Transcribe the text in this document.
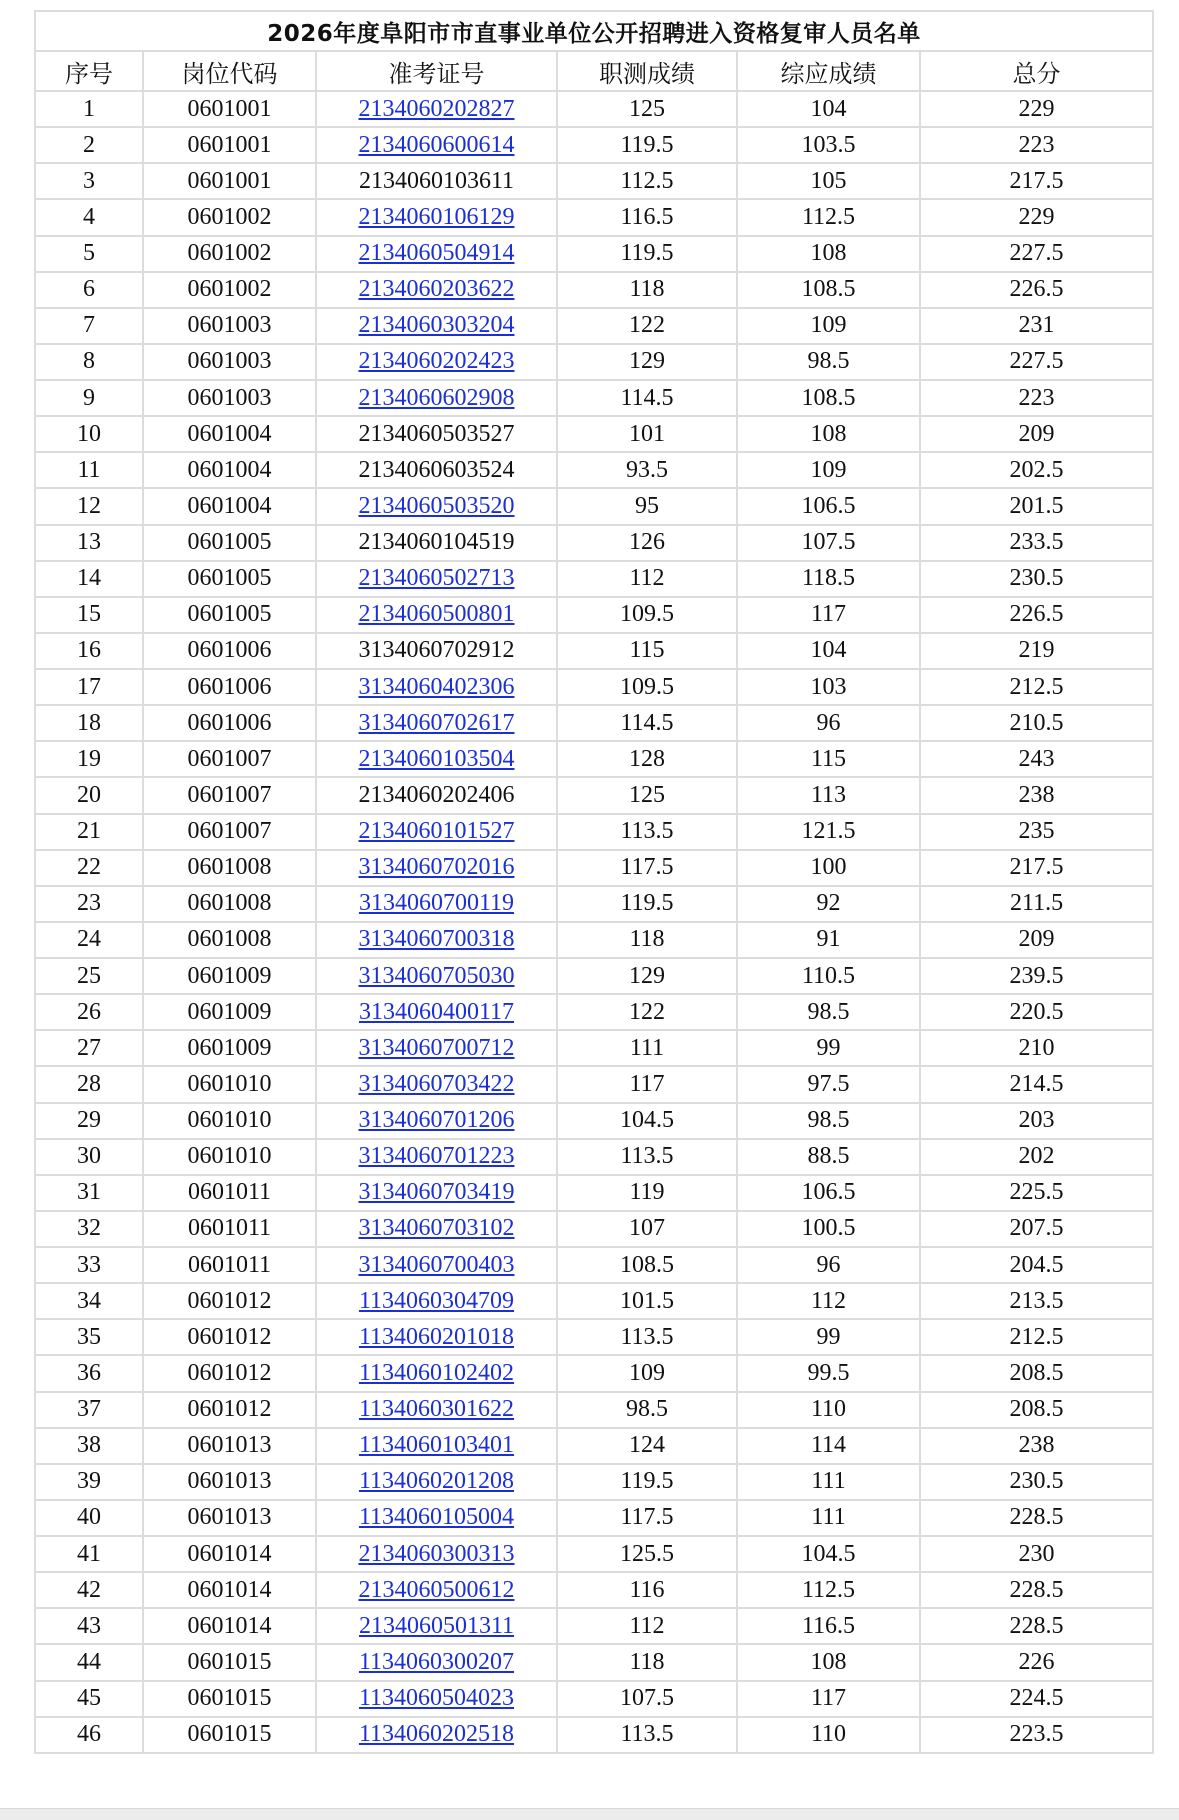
2026年度阜阳市市直事业单位公开招聘进入资格复审人员名单					
序号	岗位代码	准考证号	职测成绩	综应成绩	总分
1	0601001	2134060202827	125	104	229
2	0601001	2134060600614	119.5	103.5	223
3	0601001	2134060103611	112.5	105	217.5
4	0601002	2134060106129	116.5	112.5	229
5	0601002	2134060504914	119.5	108	227.5
6	0601002	2134060203622	118	108.5	226.5
7	0601003	2134060303204	122	109	231
8	0601003	2134060202423	129	98.5	227.5
9	0601003	2134060602908	114.5	108.5	223
10	0601004	2134060503527	101	108	209
11	0601004	2134060603524	93.5	109	202.5
12	0601004	2134060503520	95	106.5	201.5
13	0601005	2134060104519	126	107.5	233.5
14	0601005	2134060502713	112	118.5	230.5
15	0601005	2134060500801	109.5	117	226.5
16	0601006	3134060702912	115	104	219
17	0601006	3134060402306	109.5	103	212.5
18	0601006	3134060702617	114.5	96	210.5
19	0601007	2134060103504	128	115	243
20	0601007	2134060202406	125	113	238
21	0601007	2134060101527	113.5	121.5	235
22	0601008	3134060702016	117.5	100	217.5
23	0601008	3134060700119	119.5	92	211.5
24	0601008	3134060700318	118	91	209
25	0601009	3134060705030	129	110.5	239.5
26	0601009	3134060400117	122	98.5	220.5
27	0601009	3134060700712	111	99	210
28	0601010	3134060703422	117	97.5	214.5
29	0601010	3134060701206	104.5	98.5	203
30	0601010	3134060701223	113.5	88.5	202
31	0601011	3134060703419	119	106.5	225.5
32	0601011	3134060703102	107	100.5	207.5
33	0601011	3134060700403	108.5	96	204.5
34	0601012	1134060304709	101.5	112	213.5
35	0601012	1134060201018	113.5	99	212.5
36	0601012	1134060102402	109	99.5	208.5
37	0601012	1134060301622	98.5	110	208.5
38	0601013	1134060103401	124	114	238
39	0601013	1134060201208	119.5	111	230.5
40	0601013	1134060105004	117.5	111	228.5
41	0601014	2134060300313	125.5	104.5	230
42	0601014	2134060500612	116	112.5	228.5
43	0601014	2134060501311	112	116.5	228.5
44	0601015	1134060300207	118	108	226
45	0601015	1134060504023	107.5	117	224.5
46	0601015	1134060202518	113.5	110	223.5
